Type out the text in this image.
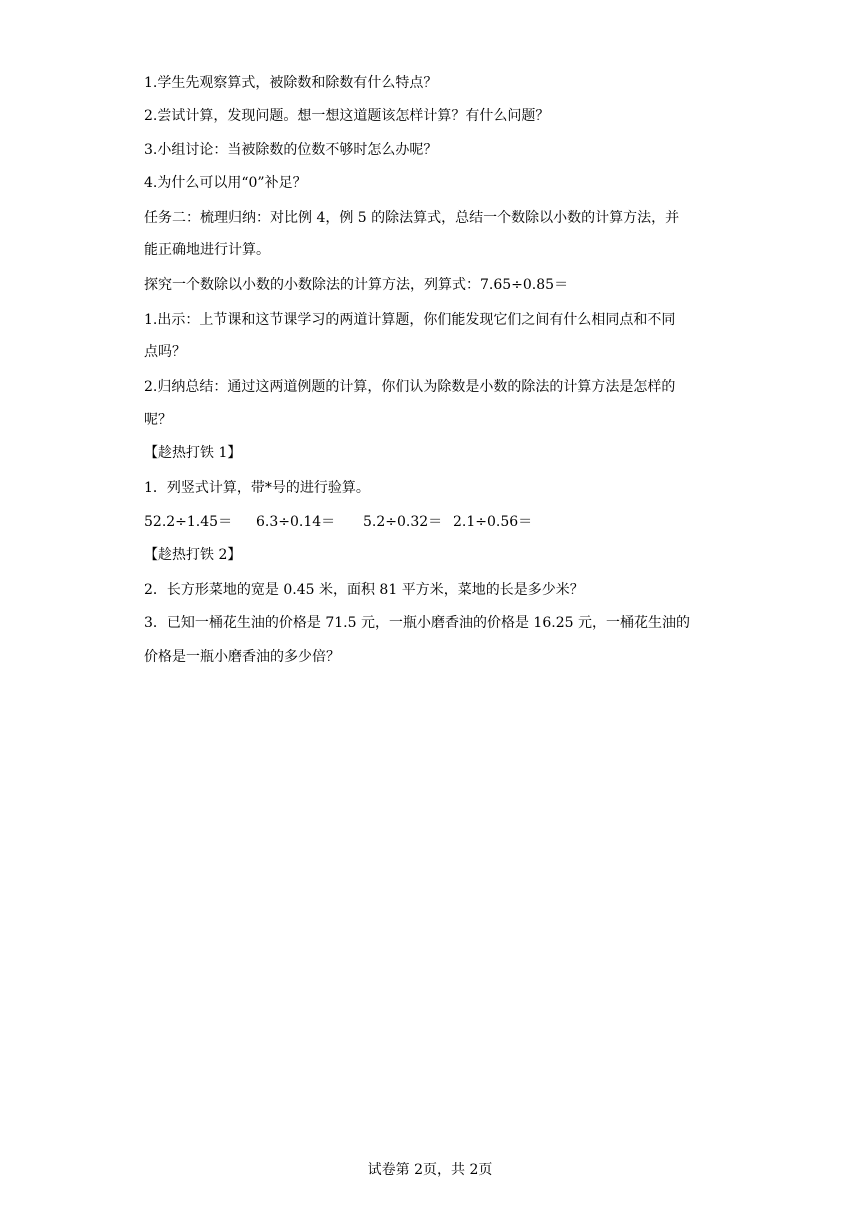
1.学生先观察算式，被除数和除数有什么特点？
2.尝试计算，发现问题。想一想这道题该怎样计算？有什么问题？
3.小组讨论：当被除数的位数不够时怎么办呢？
4.为什么可以用“0”补足？
任务二：梳理归纳：对比例 4，例 5 的除法算式，总结一个数除以小数的计算方法，并
能正确地进行计算。
探究一个数除以小数的小数除法的计算方法，列算式：7.65÷0.85＝
1.出示：上节课和这节课学习的两道计算题，你们能发现它们之间有什么相同点和不同
点吗？
2.归纳总结：通过这两道例题的计算，你们认为除数是小数的除法的计算方法是怎样的
呢？
【趁热打铁 1】
1．列竖式计算，带*号的进行验算。
52.2÷1.45＝ 6.3÷0.14＝ 5.2÷0.32＝ 2.1÷0.56＝
【趁热打铁 2】
2．长方形菜地的宽是 0.45 米，面积 81 平方米，菜地的长是多少米？
3．已知一桶花生油的价格是 71.5 元，一瓶小磨香油的价格是 16.25 元，一桶花生油的
价格是一瓶小磨香油的多少倍？
试卷第 2页，共 2页
